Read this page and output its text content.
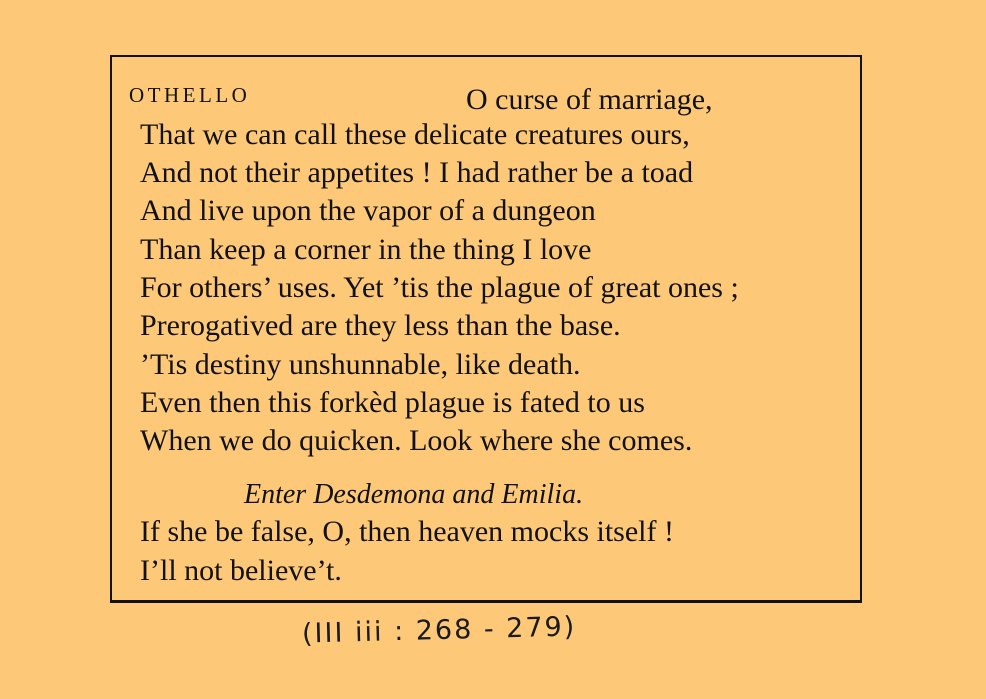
OTHELLO	O curse of marriage,
That we can call these delicate creatures ours,
And not their appetites ! I had rather be a toad
And live upon the vapor of a dungeon
Than keep a corner in the thing I love
For others’ uses. Yet ’tis the plague of great ones ;
Prerogatived are they less than the base.
’Tis destiny unshunnable, like death.
Even then this forkèd plague is fated to us
When we do quicken. Look where she comes.
Enter Desdemona and Emilia.
If she be false, O, then heaven mocks itself !
I’ll not believe’t.
(III iii : 268 - 279)
